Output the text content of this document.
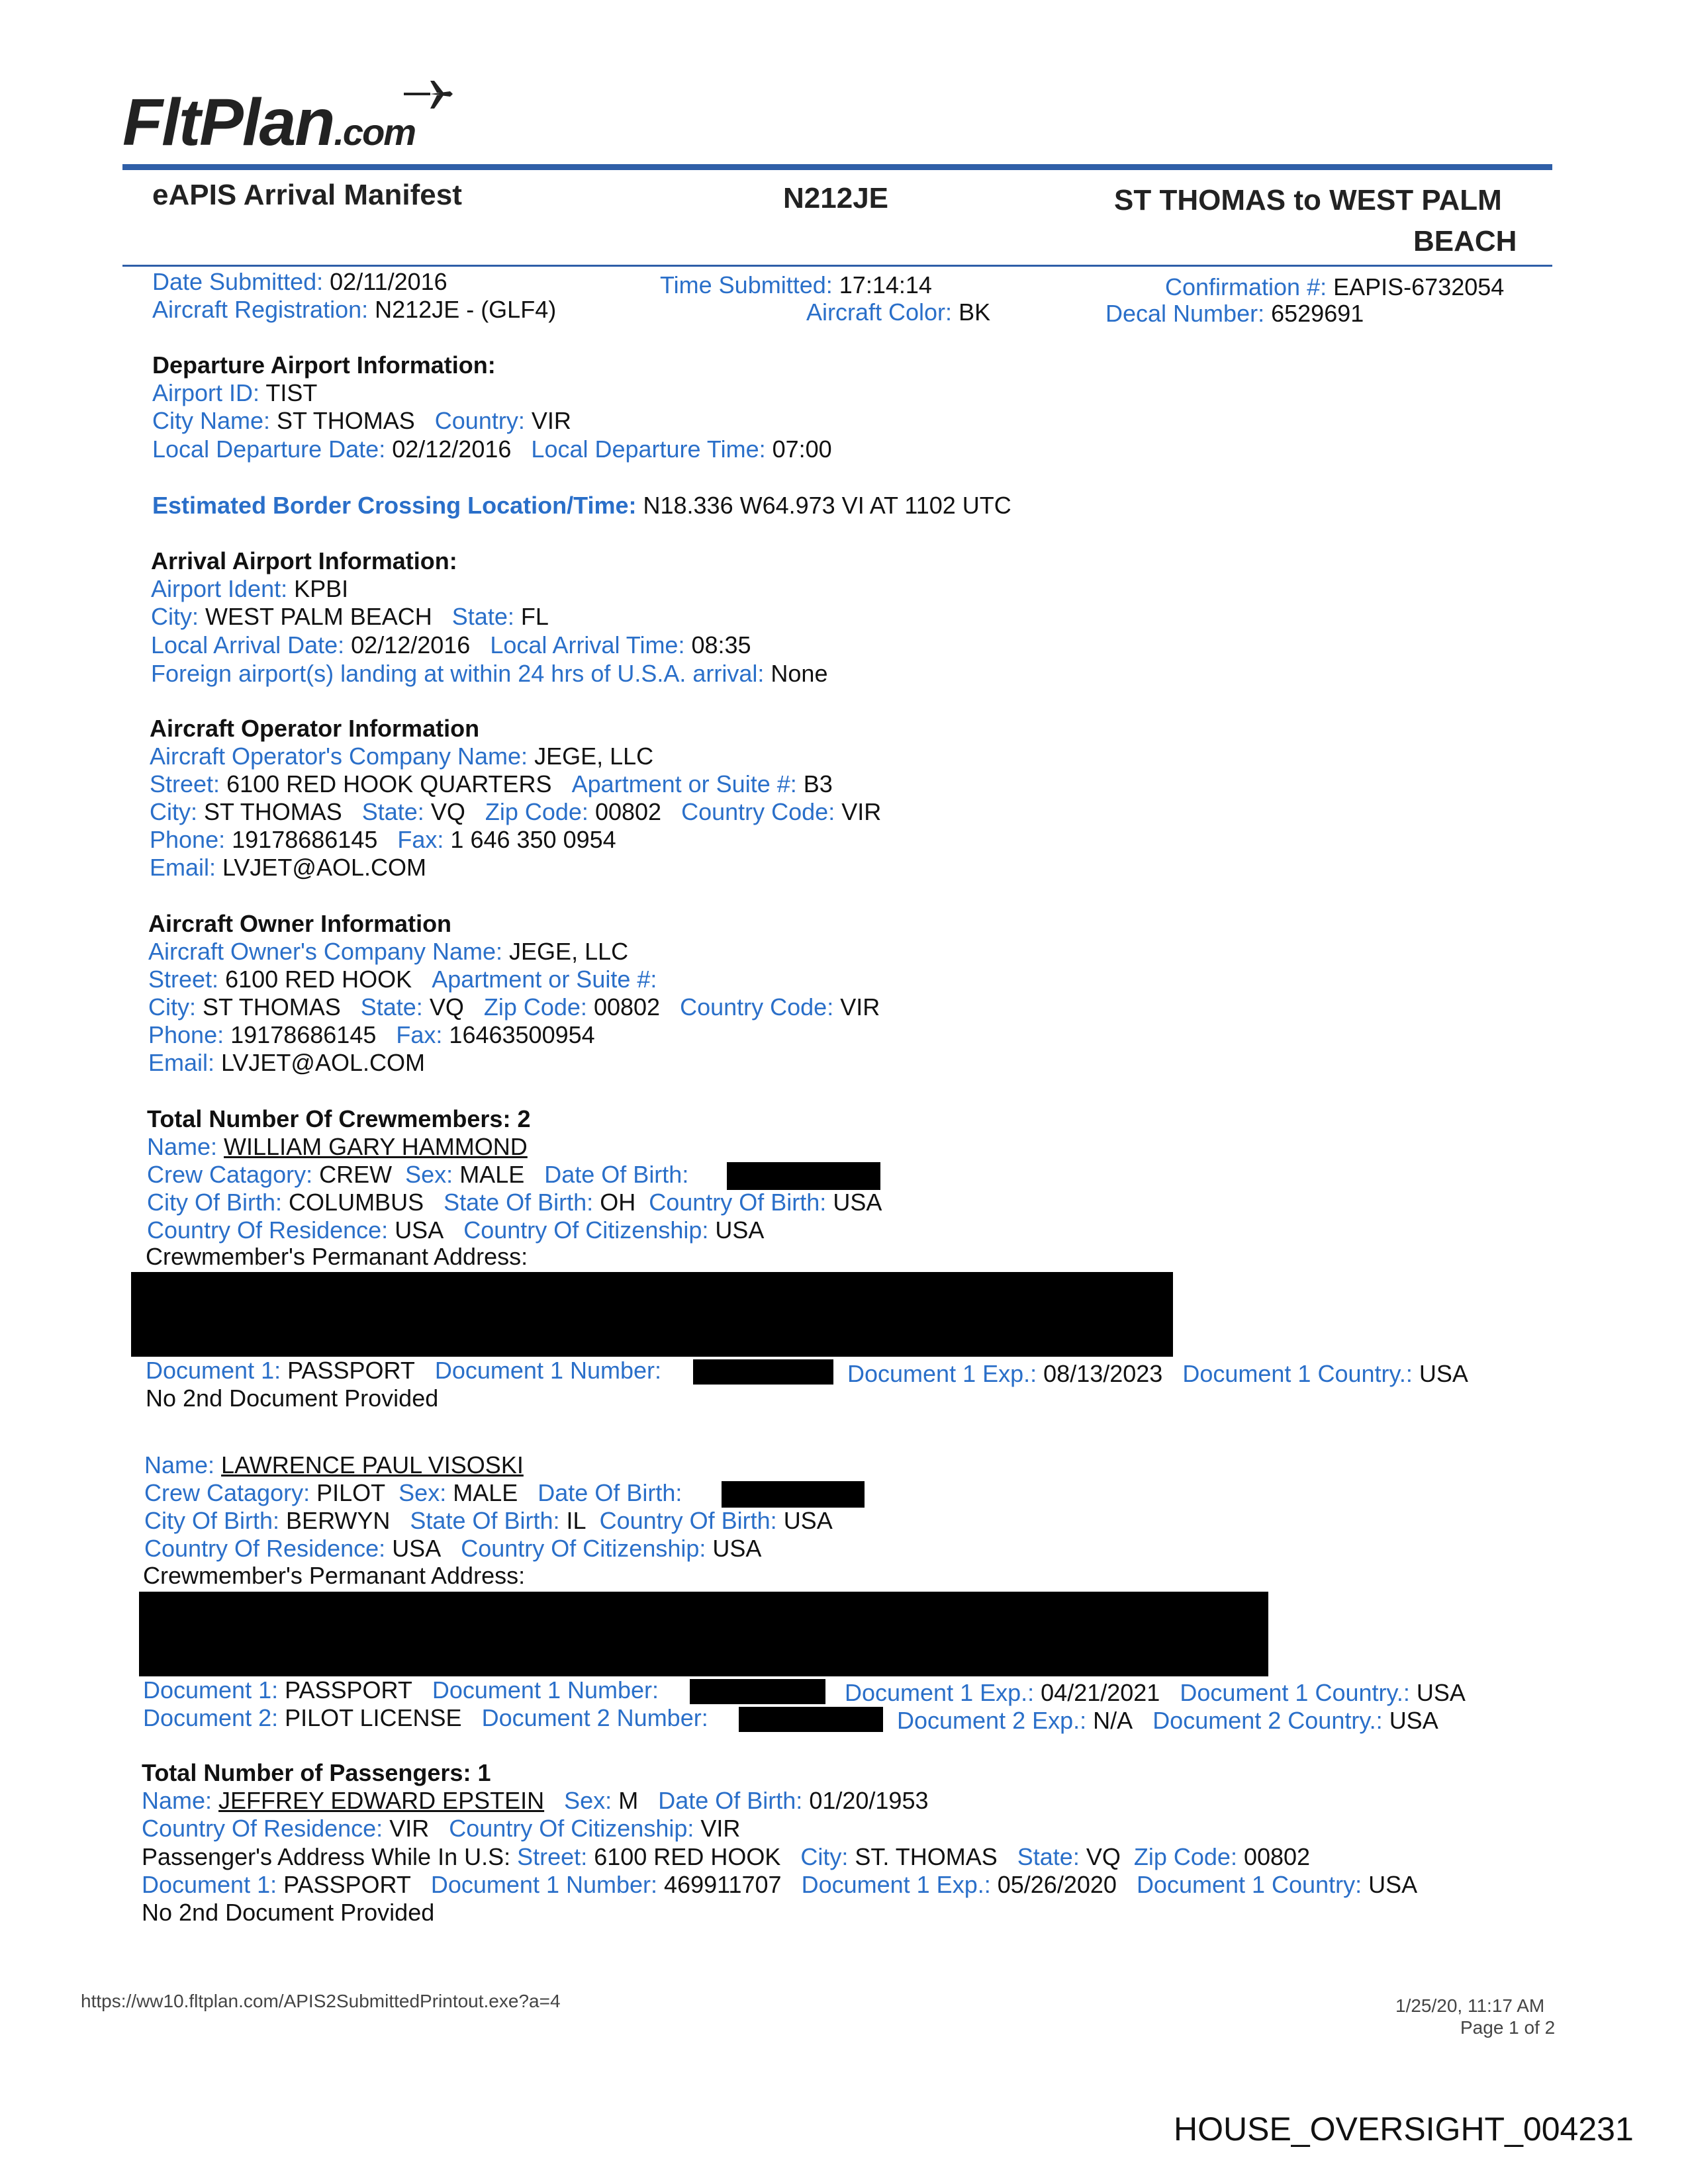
FltPlan.com
eAPIS Arrival Manifest	N212JE	ST THOMAS to WEST PALM
BEACH
Date Submitted: 02/11/2016	Time Submitted: 17:14:14	Confirmation #: EAPIS-6732054
Aircraft Registration: N212JE - (GLF4)	Aircraft Color: BK	Decal Number: 6529691
Departure Airport Information:
Airport ID: TIST
City Name: ST THOMAS Country: VIR
Local Departure Date: 02/12/2016 Local Departure Time: 07:00
Estimated Border Crossing Location/Time: N18.336 W64.973 VI AT 1102 UTC
Arrival Airport Information:
Airport Ident: KPBI
City: WEST PALM BEACH State: FL
Local Arrival Date: 02/12/2016 Local Arrival Time: 08:35
Foreign airport(s) landing at within 24 hrs of U.S.A. arrival: None
Aircraft Operator Information
Aircraft Operator's Company Name: JEGE, LLC
Street: 6100 RED HOOK QUARTERS Apartment or Suite #: B3
City: ST THOMAS State: VQ Zip Code: 00802 Country Code: VIR
Phone: 19178686145 Fax: 1 646 350 0954
Email: LVJET@AOL.COM
Aircraft Owner Information
Aircraft Owner's Company Name: JEGE, LLC
Street: 6100 RED HOOK Apartment or Suite #:
City: ST THOMAS State: VQ Zip Code: 00802 Country Code: VIR
Phone: 19178686145 Fax: 16463500954
Email: LVJET@AOL.COM
Total Number Of Crewmembers: 2
Name: WILLIAM GARY HAMMOND
Crew Catagory: CREW Sex: MALE Date Of Birth:
City Of Birth: COLUMBUS State Of Birth: OH Country Of Birth: USA
Country Of Residence: USA Country Of Citizenship: USA
Crewmember's Permanant Address:
Document 1: PASSPORT Document 1 Number:	Document 1 Exp.: 08/13/2023 Document 1 Country.: USA
No 2nd Document Provided
Name: LAWRENCE PAUL VISOSKI
Crew Catagory: PILOT Sex: MALE Date Of Birth:
City Of Birth: BERWYN State Of Birth: IL Country Of Birth: USA
Country Of Residence: USA Country Of Citizenship: USA
Crewmember's Permanant Address:
Document 1: PASSPORT Document 1 Number:	Document 1 Exp.: 04/21/2021 Document 1 Country.: USA
Document 2: PILOT LICENSE Document 2 Number:	Document 2 Exp.: N/A Document 2 Country.: USA
Total Number of Passengers: 1
Name: JEFFREY EDWARD EPSTEIN Sex: M Date Of Birth: 01/20/1953
Country Of Residence: VIR Country Of Citizenship: VIR
Passenger's Address While In U.S: Street: 6100 RED HOOK City: ST. THOMAS State: VQ Zip Code: 00802
Document 1: PASSPORT Document 1 Number: 469911707 Document 1 Exp.: 05/26/2020 Document 1 Country: USA
No 2nd Document Provided
https://ww10.fltplan.com/APIS2SubmittedPrintout.exe?a=4	1/25/20, 11:17 AM
Page 1 of 2
HOUSE_OVERSIGHT_004231
